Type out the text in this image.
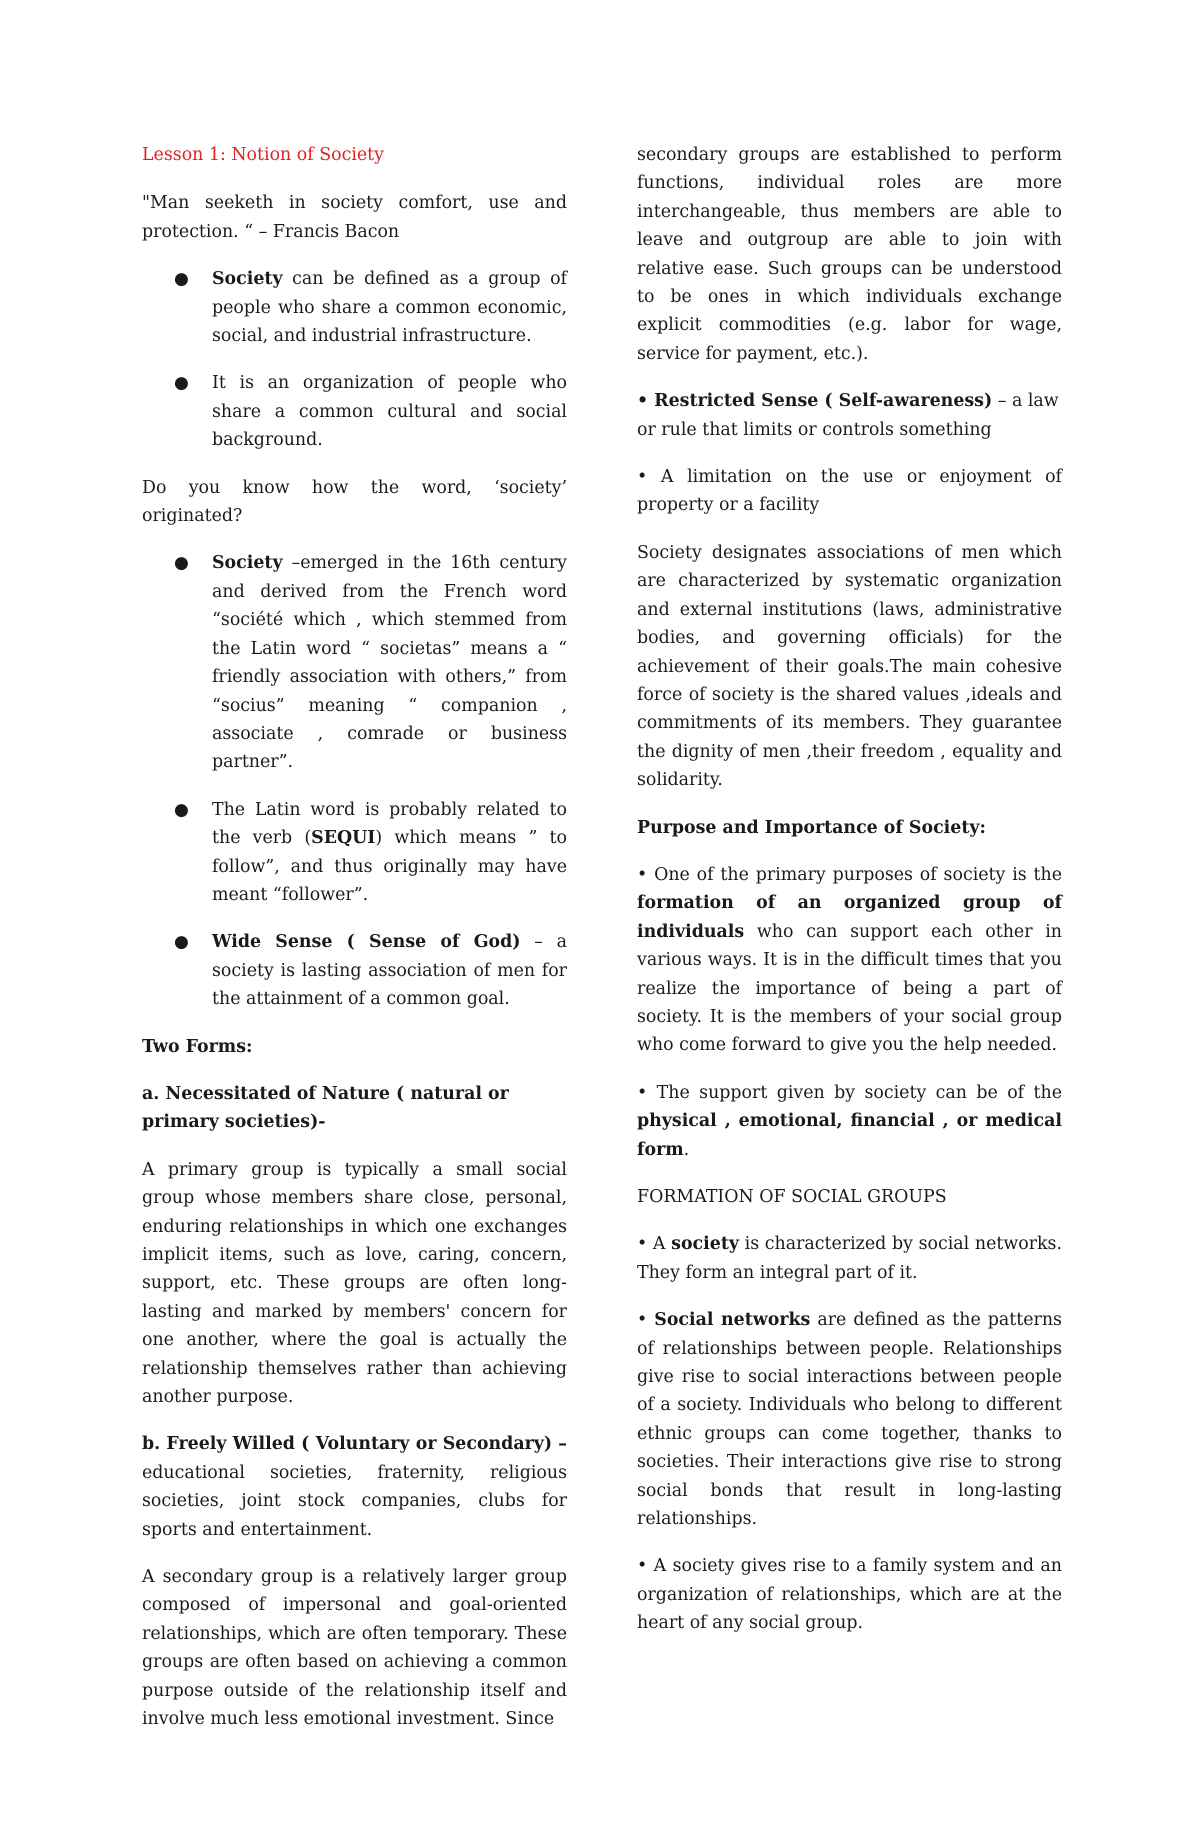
Lesson 1: Notion of Society

"Man seeketh in society comfort, use and protection. “ – Francis Bacon

● Society can be defined as a group of people who share a common economic, social, and industrial infrastructure.
● It is an organization of people who share a common cultural and social background.

Do you know how the word, ‘society’ originated?

● Society –emerged in the 16th century and derived from the French word “société which , which stemmed from the Latin word “ societas” means a “ friendly association with others,” from “socius” meaning “ companion , associate , comrade or business partner”.
● The Latin word is probably related to the verb (SEQUI) which means ” to follow”, and thus originally may have meant “follower”.
● Wide Sense ( Sense of God) – a society is lasting association of men for the attainment of a common goal.

Two Forms:

a. Necessitated of Nature ( natural or primary societies)-

A primary group is typically a small social group whose members share close, personal, enduring relationships in which one exchanges implicit items, such as love, caring, concern, support, etc. These groups are often long-lasting and marked by members' concern for one another, where the goal is actually the relationship themselves rather than achieving another purpose.

b. Freely Willed ( Voluntary or Secondary) – educational societies, fraternity, religious societies, joint stock companies, clubs for sports and entertainment.

A secondary group is a relatively larger group composed of impersonal and goal-oriented relationships, which are often temporary. These groups are often based on achieving a common purpose outside of the relationship itself and involve much less emotional investment. Since

secondary groups are established to perform functions, individual roles are more interchangeable, thus members are able to leave and outgroup are able to join with relative ease. Such groups can be understood to be ones in which individuals exchange explicit commodities (e.g. labor for wage, service for payment, etc.).

• Restricted Sense ( Self-awareness) – a law or rule that limits or controls something

• A limitation on the use or enjoyment of property or a facility

Society designates associations of men which are characterized by systematic organization and external institutions (laws, administrative bodies, and governing officials) for the achievement of their goals.The main cohesive force of society is the shared values ,ideals and commitments of its members. They guarantee the dignity of men ,their freedom , equality and solidarity.

Purpose and Importance of Society:

• One of the primary purposes of society is the formation of an organized group of individuals who can support each other in various ways. It is in the difficult times that you realize the importance of being a part of society. It is the members of your social group who come forward to give you the help needed.

• The support given by society can be of the physical , emotional, financial , or medical form.

FORMATION OF SOCIAL GROUPS

• A society is characterized by social networks. They form an integral part of it.

• Social networks are defined as the patterns of relationships between people. Relationships give rise to social interactions between people of a society. Individuals who belong to different ethnic groups can come together, thanks to societies. Their interactions give rise to strong social bonds that result in long-lasting relationships.

• A society gives rise to a family system and an organization of relationships, which are at the heart of any social group.
